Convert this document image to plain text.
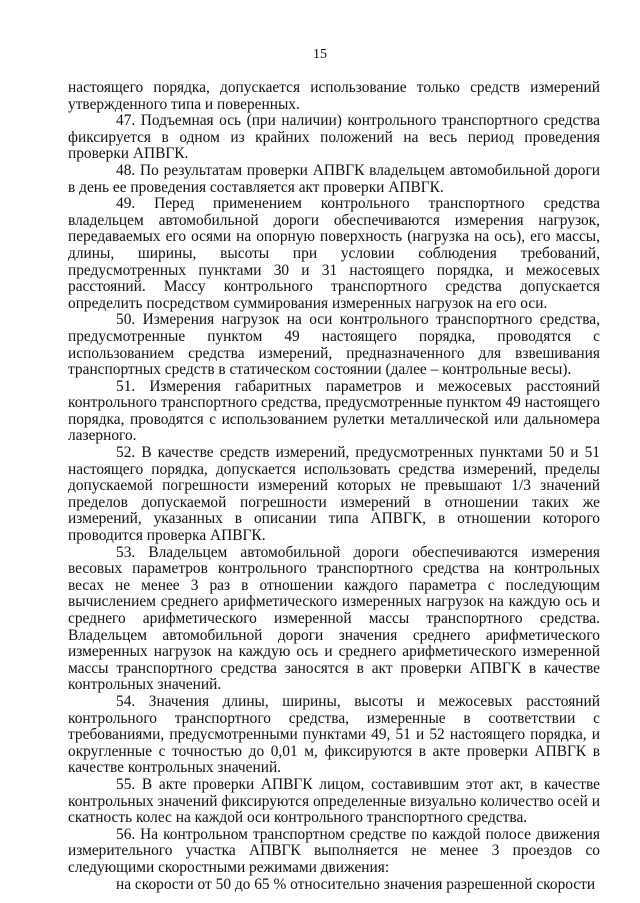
15

настоящего порядка, допускается использование только средств измерений утвержденного типа и поверенных.

47. Подъемная ось (при наличии) контрольного транспортного средства фиксируется в одном из крайних положений на весь период проведения проверки АПВГК.

48. По результатам проверки АПВГК владельцем автомобильной дороги в день ее проведения составляется акт проверки АПВГК.

49. Перед применением контрольного транспортного средства владельцем автомобильной дороги обеспечиваются измерения нагрузок, передаваемых его осями на опорную поверхность (нагрузка на ось), его массы, длины, ширины, высоты при условии соблюдения требований, предусмотренных пунктами 30 и 31 настоящего порядка, и межосевых расстояний. Массу контрольного транспортного средства допускается определить посредством суммирования измеренных нагрузок на его оси.

50. Измерения нагрузок на оси контрольного транспортного средства, предусмотренные пунктом 49 настоящего порядка, проводятся с использованием средства измерений, предназначенного для взвешивания транспортных средств в статическом состоянии (далее – контрольные весы).

51. Измерения габаритных параметров и межосевых расстояний контрольного транспортного средства, предусмотренные пунктом 49 настоящего порядка, проводятся с использованием рулетки металлической или дальномера лазерного.

52. В качестве средств измерений, предусмотренных пунктами 50 и 51 настоящего порядка, допускается использовать средства измерений, пределы допускаемой погрешности измерений которых не превышают 1/3 значений пределов допускаемой погрешности измерений в отношении таких же измерений, указанных в описании типа АПВГК, в отношении которого проводится проверка АПВГК.

53. Владельцем автомобильной дороги обеспечиваются измерения весовых параметров контрольного транспортного средства на контрольных весах не менее 3 раз в отношении каждого параметра с последующим вычислением среднего арифметического измеренных нагрузок на каждую ось и среднего арифметического измеренной массы транспортного средства. Владельцем автомобильной дороги значения среднего арифметического измеренных нагрузок на каждую ось и среднего арифметического измеренной массы транспортного средства заносятся в акт проверки АПВГК в качестве контрольных значений.

54. Значения длины, ширины, высоты и межосевых расстояний контрольного транспортного средства, измеренные в соответствии с требованиями, предусмотренными пунктами 49, 51 и 52 настоящего порядка, и округленные с точностью до 0,01 м, фиксируются в акте проверки АПВГК в качестве контрольных значений.

55. В акте проверки АПВГК лицом, составившим этот акт, в качестве контрольных значений фиксируются определенные визуально количество осей и скатность колес на каждой оси контрольного транспортного средства.

56. На контрольном транспортном средстве по каждой полосе движения измерительного участка АПВГК выполняется не менее 3 проездов со следующими скоростными режимами движения:

на скорости от 50 до 65 % относительно значения разрешенной скорости
